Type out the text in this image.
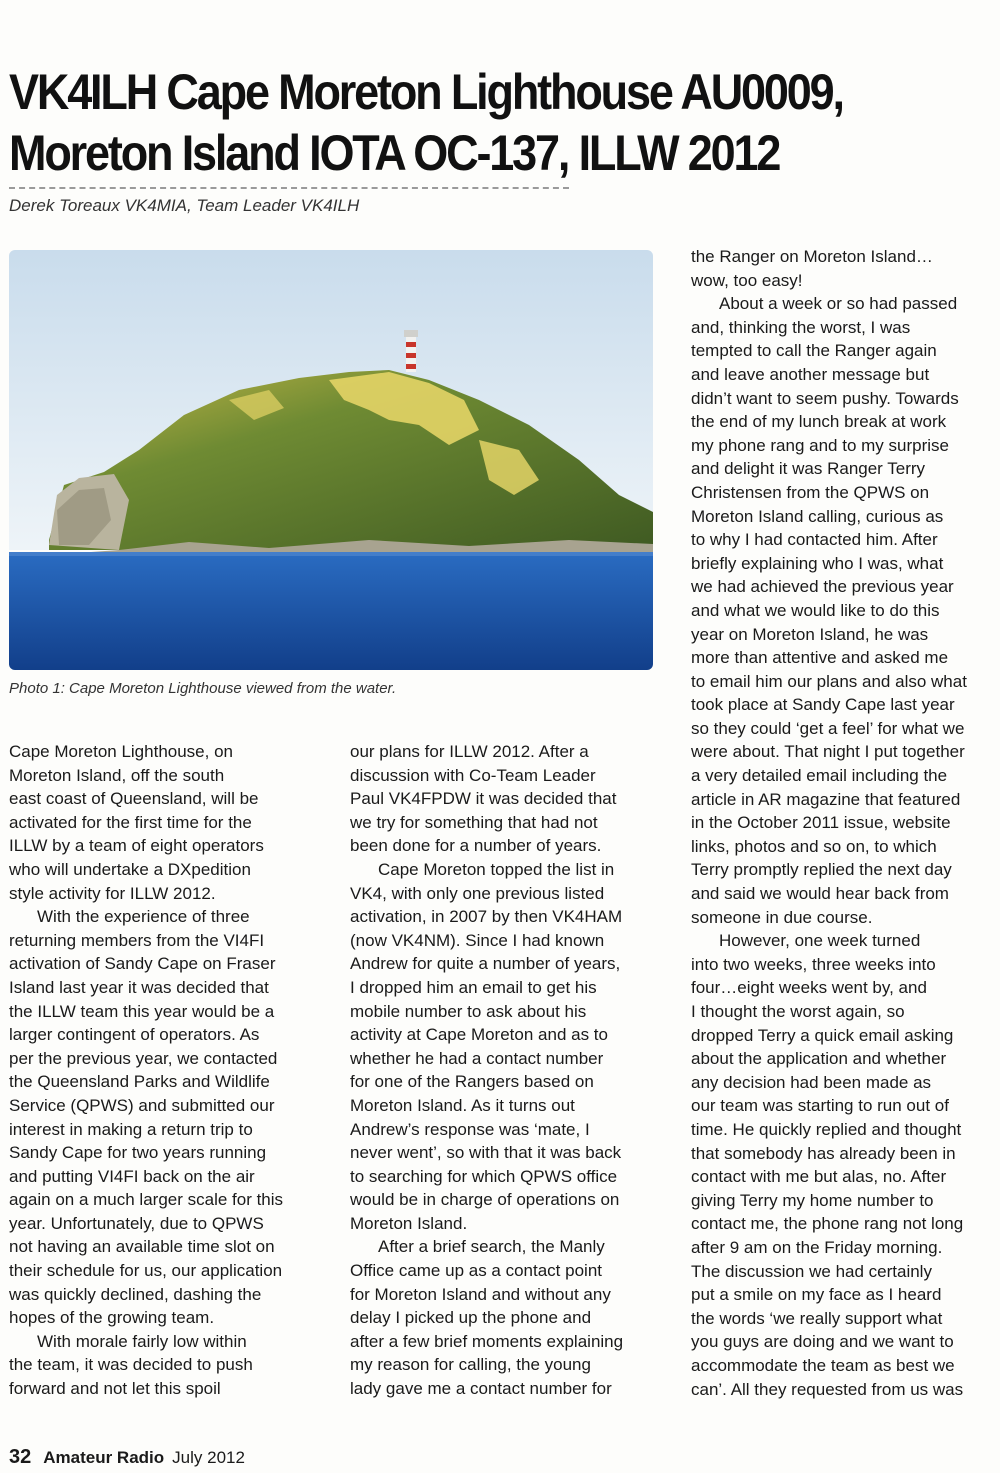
VK4ILH Cape Moreton Lighthouse AU0009,
Moreton Island IOTA OC-137, ILLW 2012

Derek Toreaux VK4MIA, Team Leader VK4ILH

Photo 1: Cape Moreton Lighthouse viewed from the water.

Cape Moreton Lighthouse, on
Moreton Island, off the south
east coast of Queensland, will be
activated for the first time for the
ILLW by a team of eight operators
who will undertake a DXpedition
style activity for ILLW 2012.
With the experience of three
returning members from the VI4FI
activation of Sandy Cape on Fraser
Island last year it was decided that
the ILLW team this year would be a
larger contingent of operators. As
per the previous year, we contacted
the Queensland Parks and Wildlife
Service (QPWS) and submitted our
interest in making a return trip to
Sandy Cape for two years running
and putting VI4FI back on the air
again on a much larger scale for this
year. Unfortunately, due to QPWS
not having an available time slot on
their schedule for us, our application
was quickly declined, dashing the
hopes of the growing team.
With morale fairly low within
the team, it was decided to push
forward and not let this spoil
our plans for ILLW 2012. After a
discussion with Co-Team Leader
Paul VK4FPDW it was decided that
we try for something that had not
been done for a number of years.
Cape Moreton topped the list in
VK4, with only one previous listed
activation, in 2007 by then VK4HAM
(now VK4NM). Since I had known
Andrew for quite a number of years,
I dropped him an email to get his
mobile number to ask about his
activity at Cape Moreton and as to
whether he had a contact number
for one of the Rangers based on
Moreton Island. As it turns out
Andrew’s response was ‘mate, I
never went’, so with that it was back
to searching for which QPWS office
would be in charge of operations on
Moreton Island.
After a brief search, the Manly
Office came up as a contact point
for Moreton Island and without any
delay I picked up the phone and
after a few brief moments explaining
my reason for calling, the young
lady gave me a contact number for
the Ranger on Moreton Island…
wow, too easy!
About a week or so had passed
and, thinking the worst, I was
tempted to call the Ranger again
and leave another message but
didn’t want to seem pushy. Towards
the end of my lunch break at work
my phone rang and to my surprise
and delight it was Ranger Terry
Christensen from the QPWS on
Moreton Island calling, curious as
to why I had contacted him. After
briefly explaining who I was, what
we had achieved the previous year
and what we would like to do this
year on Moreton Island, he was
more than attentive and asked me
to email him our plans and also what
took place at Sandy Cape last year
so they could ‘get a feel’ for what we
were about. That night I put together
a very detailed email including the
article in AR magazine that featured
in the October 2011 issue, website
links, photos and so on, to which
Terry promptly replied the next day
and said we would hear back from
someone in due course.
However, one week turned
into two weeks, three weeks into
four…eight weeks went by, and
I thought the worst again, so
dropped Terry a quick email asking
about the application and whether
any decision had been made as
our team was starting to run out of
time. He quickly replied and thought
that somebody has already been in
contact with me but alas, no. After
giving Terry my home number to
contact me, the phone rang not long
after 9 am on the Friday morning.
The discussion we had certainly
put a smile on my face as I heard
the words ‘we really support what
you guys are doing and we want to
accommodate the team as best we
can’. All they requested from us was

32 Amateur Radio July 2012
